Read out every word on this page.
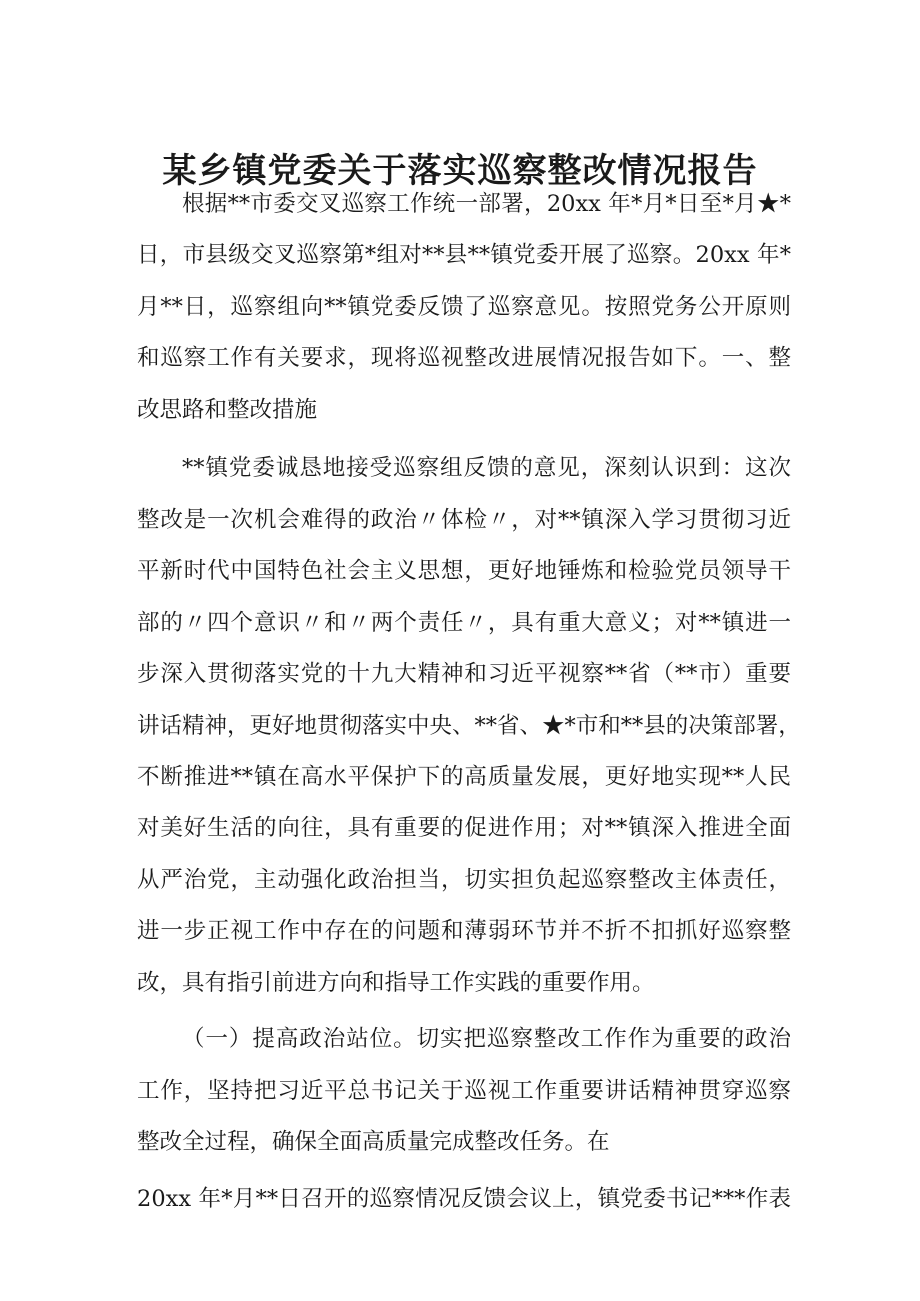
某乡镇党委关于落实巡察整改情况报告

根据**市委交叉巡察工作统一部署，20xx 年*月*日至*月★*

日，市县级交叉巡察第*组对**县**镇党委开展了巡察。20xx 年*

月**日，巡察组向**镇党委反馈了巡察意见。按照党务公开原则

和巡察工作有关要求，现将巡视整改进展情况报告如下。一、整

改思路和整改措施

**镇党委诚恳地接受巡察组反馈的意见，深刻认识到：这次

整改是一次机会难得的政治〃体检〃，对**镇深入学习贯彻习近

平新时代中国特色社会主义思想，更好地锤炼和检验党员领导干

部的〃四个意识〃和〃两个责任〃，具有重大意义；对**镇进一

步深入贯彻落实党的十九大精神和习近平视察**省（**市）重要

讲话精神，更好地贯彻落实中央、**省、★*市和**县的决策部署，

不断推进**镇在高水平保护下的高质量发展，更好地实现**人民

对美好生活的向往，具有重要的促进作用；对**镇深入推进全面

从严治党，主动强化政治担当，切实担负起巡察整改主体责任，

进一步正视工作中存在的问题和薄弱环节并不折不扣抓好巡察整

改，具有指引前进方向和指导工作实践的重要作用。

（一）提高政治站位。切实把巡察整改工作作为重要的政治

工作，坚持把习近平总书记关于巡视工作重要讲话精神贯穿巡察

整改全过程，确保全面高质量完成整改任务。在

20xx 年*月**日召开的巡察情况反馈会议上，镇党委书记***作表
